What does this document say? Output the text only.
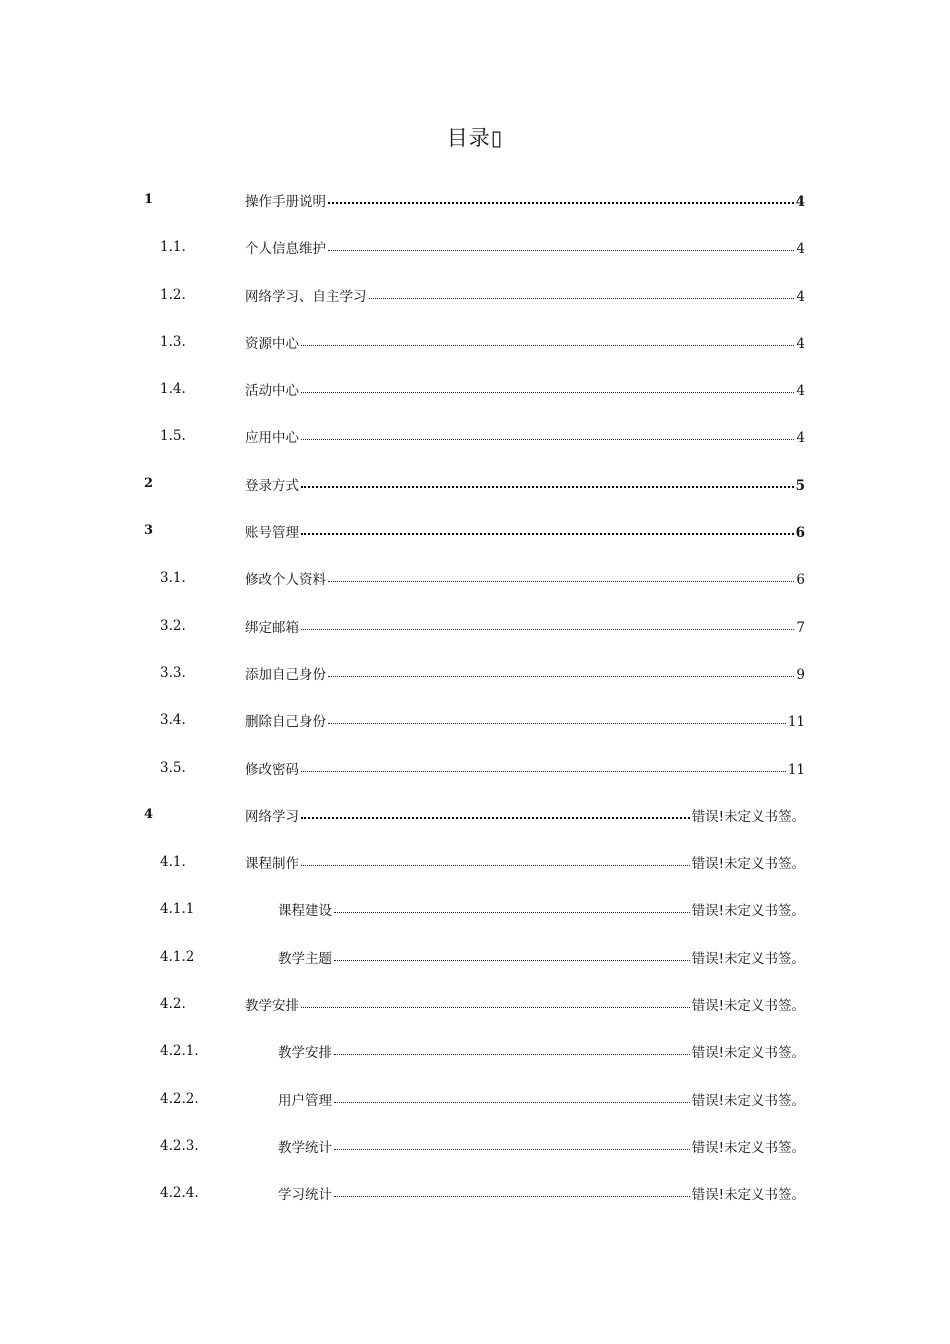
目录▯
1	操作手册说明	4
1.1.	个人信息维护	4
1.2.	网络学习、自主学习	4
1.3.	资源中心	4
1.4.	活动中心	4
1.5.	应用中心	4
2	登录方式	5
3	账号管理	6
3.1.	修改个人资料	6
3.2.	绑定邮箱	7
3.3.	添加自己身份	9
3.4.	删除自己身份	11
3.5.	修改密码	11
4	网络学习	错误!未定义书签。
4.1.	课程制作	错误!未定义书签。
4.1.1	课程建设	错误!未定义书签。
4.1.2	教学主题	错误!未定义书签。
4.2.	教学安排	错误!未定义书签。
4.2.1.	教学安排	错误!未定义书签。
4.2.2.	用户管理	错误!未定义书签。
4.2.3.	教学统计	错误!未定义书签。
4.2.4.	学习统计	错误!未定义书签。
